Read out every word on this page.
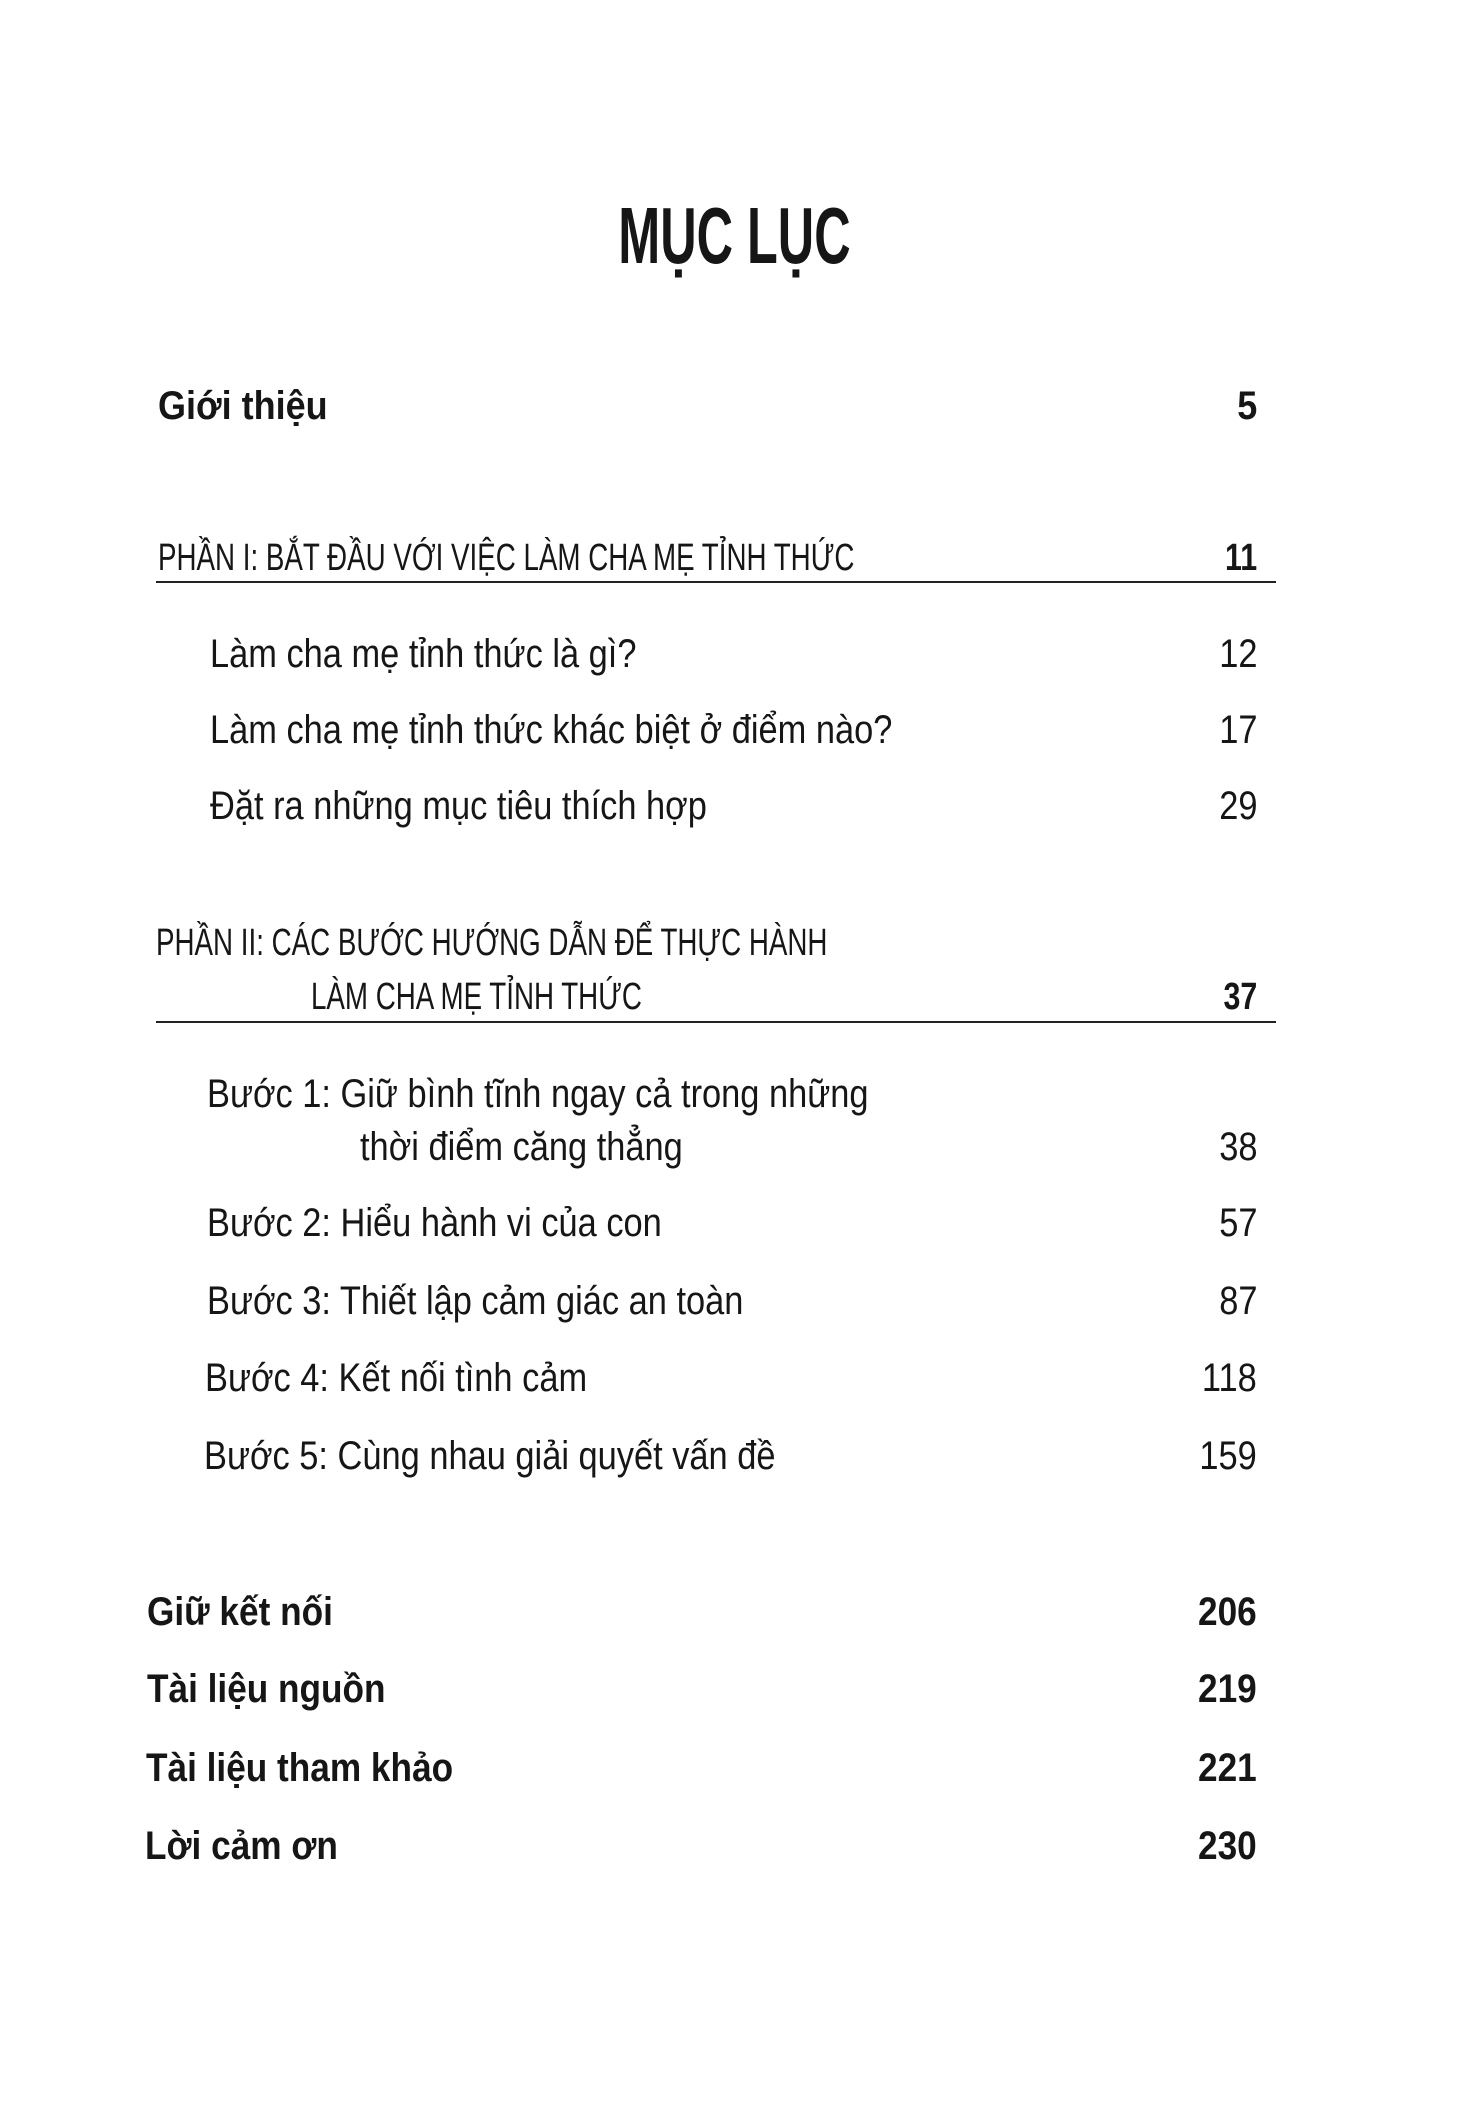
MỤC LỤC
Giới thiệu	5
PHẦN I: BẮT ĐẦU VỚI VIỆC LÀM CHA MẸ TỈNH THỨC	11
Làm cha mẹ tỉnh thức là gì?	12
Làm cha mẹ tỉnh thức khác biệt ở điểm nào?	17
Đặt ra những mục tiêu thích hợp	29
PHẦN II: CÁC BƯỚC HƯỚNG DẪN ĐỂ THỰC HÀNH
LÀM CHA MẸ TỈNH THỨC	37
Bước 1: Giữ bình tĩnh ngay cả trong những
thời điểm căng thẳng	38
Bước 2: Hiểu hành vi của con	57
Bước 3: Thiết lập cảm giác an toàn	87
Bước 4: Kết nối tình cảm	118
Bước 5: Cùng nhau giải quyết vấn đề	159
Giữ kết nối	206
Tài liệu nguồn	219
Tài liệu tham khảo	221
Lời cảm ơn	230
